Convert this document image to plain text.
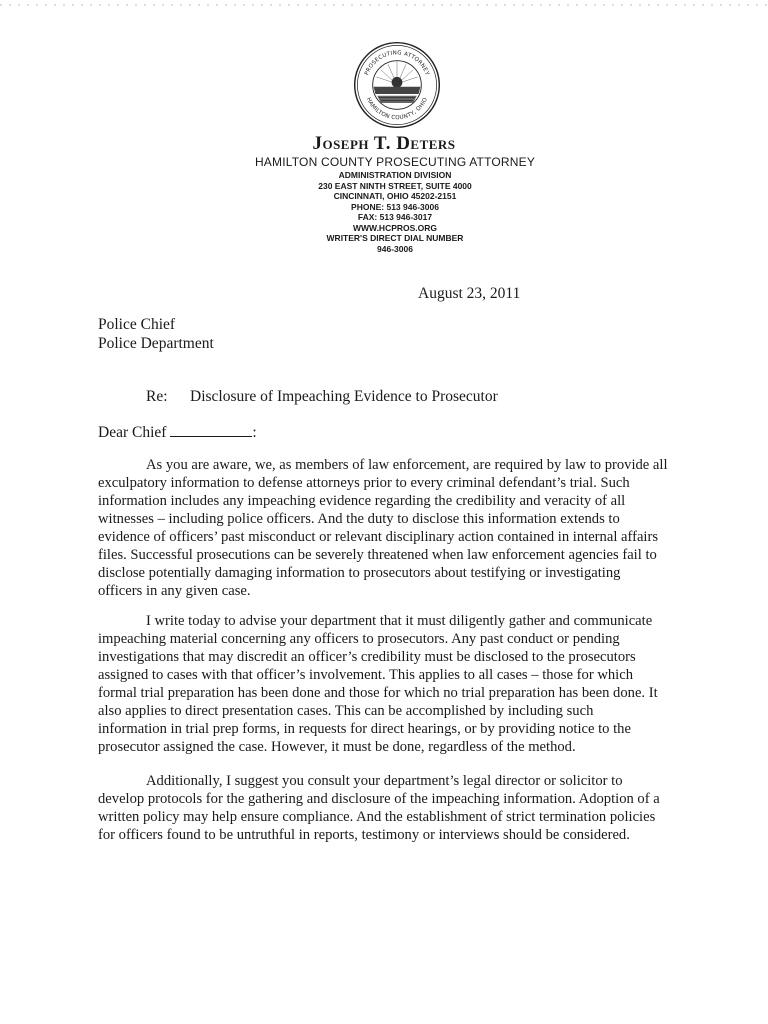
PROSECUTING ATTORNEY
HAMILTON COUNTY, OHIO
Joseph T. Deters
HAMILTON COUNTY PROSECUTING ATTORNEY
ADMINISTRATION DIVISION
230 EAST NINTH STREET, SUITE 4000
CINCINNATI, OHIO 45202-2151
PHONE: 513 946-3006
FAX: 513 946-3017
WWW.HCPROS.ORG
WRITER'S DIRECT DIAL NUMBER
946-3006
August 23, 2011
Police Chief
Police Department
Re: Disclosure of Impeaching Evidence to Prosecutor
Dear Chief	:
As you are aware, we, as members of law enforcement, are required by law to provide all
exculpatory information to defense attorneys prior to every criminal defendant’s trial. Such
information includes any impeaching evidence regarding the credibility and veracity of all
witnesses – including police officers. And the duty to disclose this information extends to
evidence of officers’ past misconduct or relevant disciplinary action contained in internal affairs
files. Successful prosecutions can be severely threatened when law enforcement agencies fail to
disclose potentially damaging information to prosecutors about testifying or investigating
officers in any given case.
I write today to advise your department that it must diligently gather and communicate
impeaching material concerning any officers to prosecutors. Any past conduct or pending
investigations that may discredit an officer’s credibility must be disclosed to the prosecutors
assigned to cases with that officer’s involvement. This applies to all cases – those for which
formal trial preparation has been done and those for which no trial preparation has been done. It
also applies to direct presentation cases. This can be accomplished by including such
information in trial prep forms, in requests for direct hearings, or by providing notice to the
prosecutor assigned the case. However, it must be done, regardless of the method.
Additionally, I suggest you consult your department’s legal director or solicitor to
develop protocols for the gathering and disclosure of the impeaching information. Adoption of a
written policy may help ensure compliance. And the establishment of strict termination policies
for officers found to be untruthful in reports, testimony or interviews should be considered.
